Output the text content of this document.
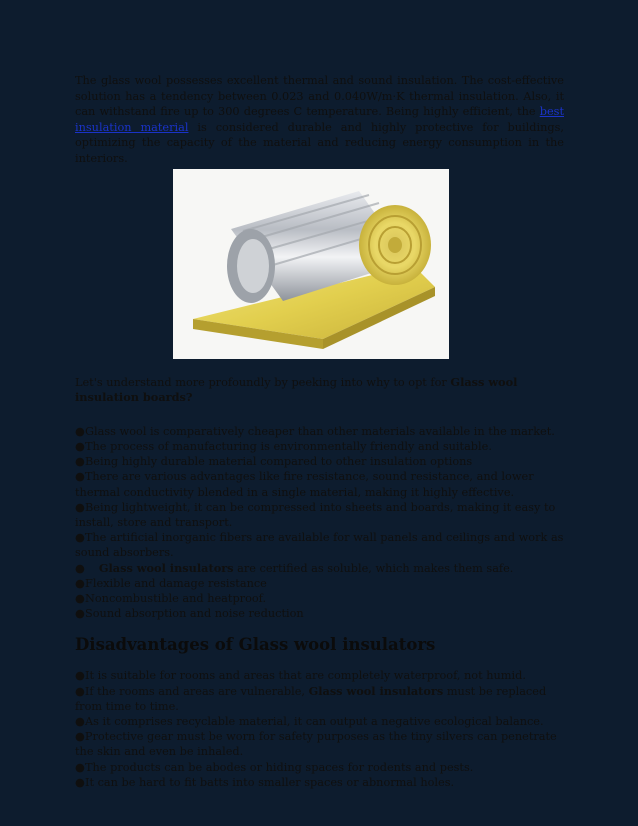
The glass wool possesses excellent thermal and sound insulation. The cost-effective solution has a tendency between 0.023 and 0.040W/m·K thermal insulation. Also, it can withstand fire up to 300 degrees C temperature. Being highly efficient, the best insulation material is considered durable and highly protective for buildings, optimizing the capacity of the material and reducing energy consumption in the interiors.

Let's understand more profoundly by peeking into why to opt for Glass wool insulation boards?

●Glass wool is comparatively cheaper than other materials available in the market.
●The process of manufacturing is environmentally friendly and suitable.
●Being highly durable material compared to other insulation options
●There are various advantages like fire resistance, sound resistance, and lower thermal conductivity blended in a single material, making it highly effective.
●Being lightweight, it can be compressed into sheets and boards, making it easy to install, store and transport.
●The artificial inorganic fibers are available for wall panels and ceilings and work as sound absorbers.
● Glass wool insulators are certified as soluble, which makes them safe.
●Flexible and damage resistance
●Noncombustible and heatproof.
●Sound absorption and noise reduction
Disadvantages of Glass wool insulators
●It is suitable for rooms and areas that are completely waterproof, not humid.
●If the rooms and areas are vulnerable, Glass wool insulators must be replaced from time to time.
●As it comprises recyclable material, it can output a negative ecological balance.
●Protective gear must be worn for safety purposes as the tiny silvers can penetrate the skin and even be inhaled.
●The products can be abodes or hiding spaces for rodents and pests.
●It can be hard to fit batts into smaller spaces or abnormal holes.
